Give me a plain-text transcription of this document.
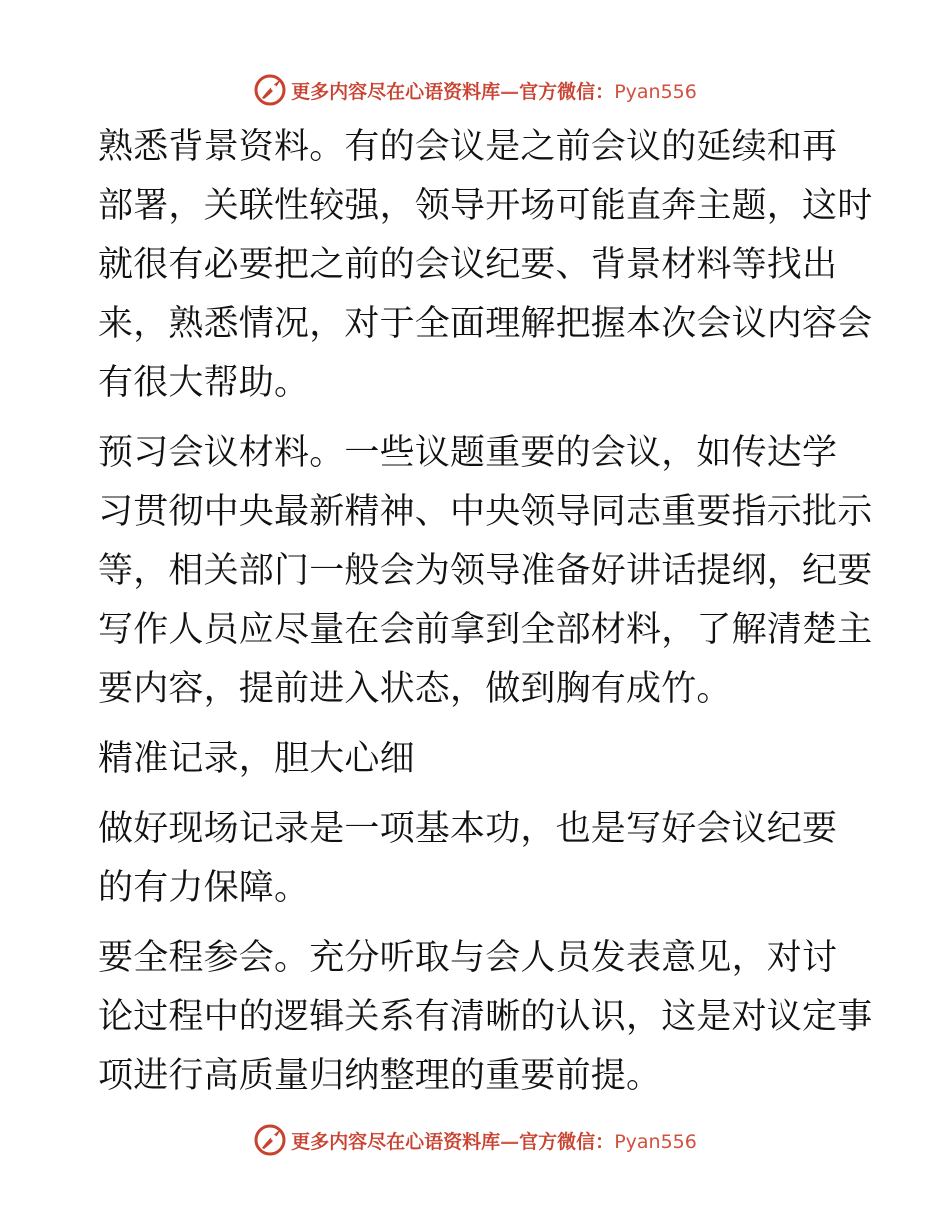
更多内容尽在心语资料库—官方微信：Pyan556
熟悉背景资料。有的会议是之前会议的延续和再
部署，关联性较强，领导开场可能直奔主题，这时
就很有必要把之前的会议纪要、背景材料等找出
来，熟悉情况，对于全面理解把握本次会议内容会
有很大帮助。
预习会议材料。一些议题重要的会议，如传达学
习贯彻中央最新精神、中央领导同志重要指示批示
等，相关部门一般会为领导准备好讲话提纲，纪要
写作人员应尽量在会前拿到全部材料，了解清楚主
要内容，提前进入状态，做到胸有成竹。
精准记录，胆大心细
做好现场记录是一项基本功，也是写好会议纪要
的有力保障。
要全程参会。充分听取与会人员发表意见，对讨
论过程中的逻辑关系有清晰的认识，这是对议定事
项进行高质量归纳整理的重要前提。
更多内容尽在心语资料库—官方微信：Pyan556
